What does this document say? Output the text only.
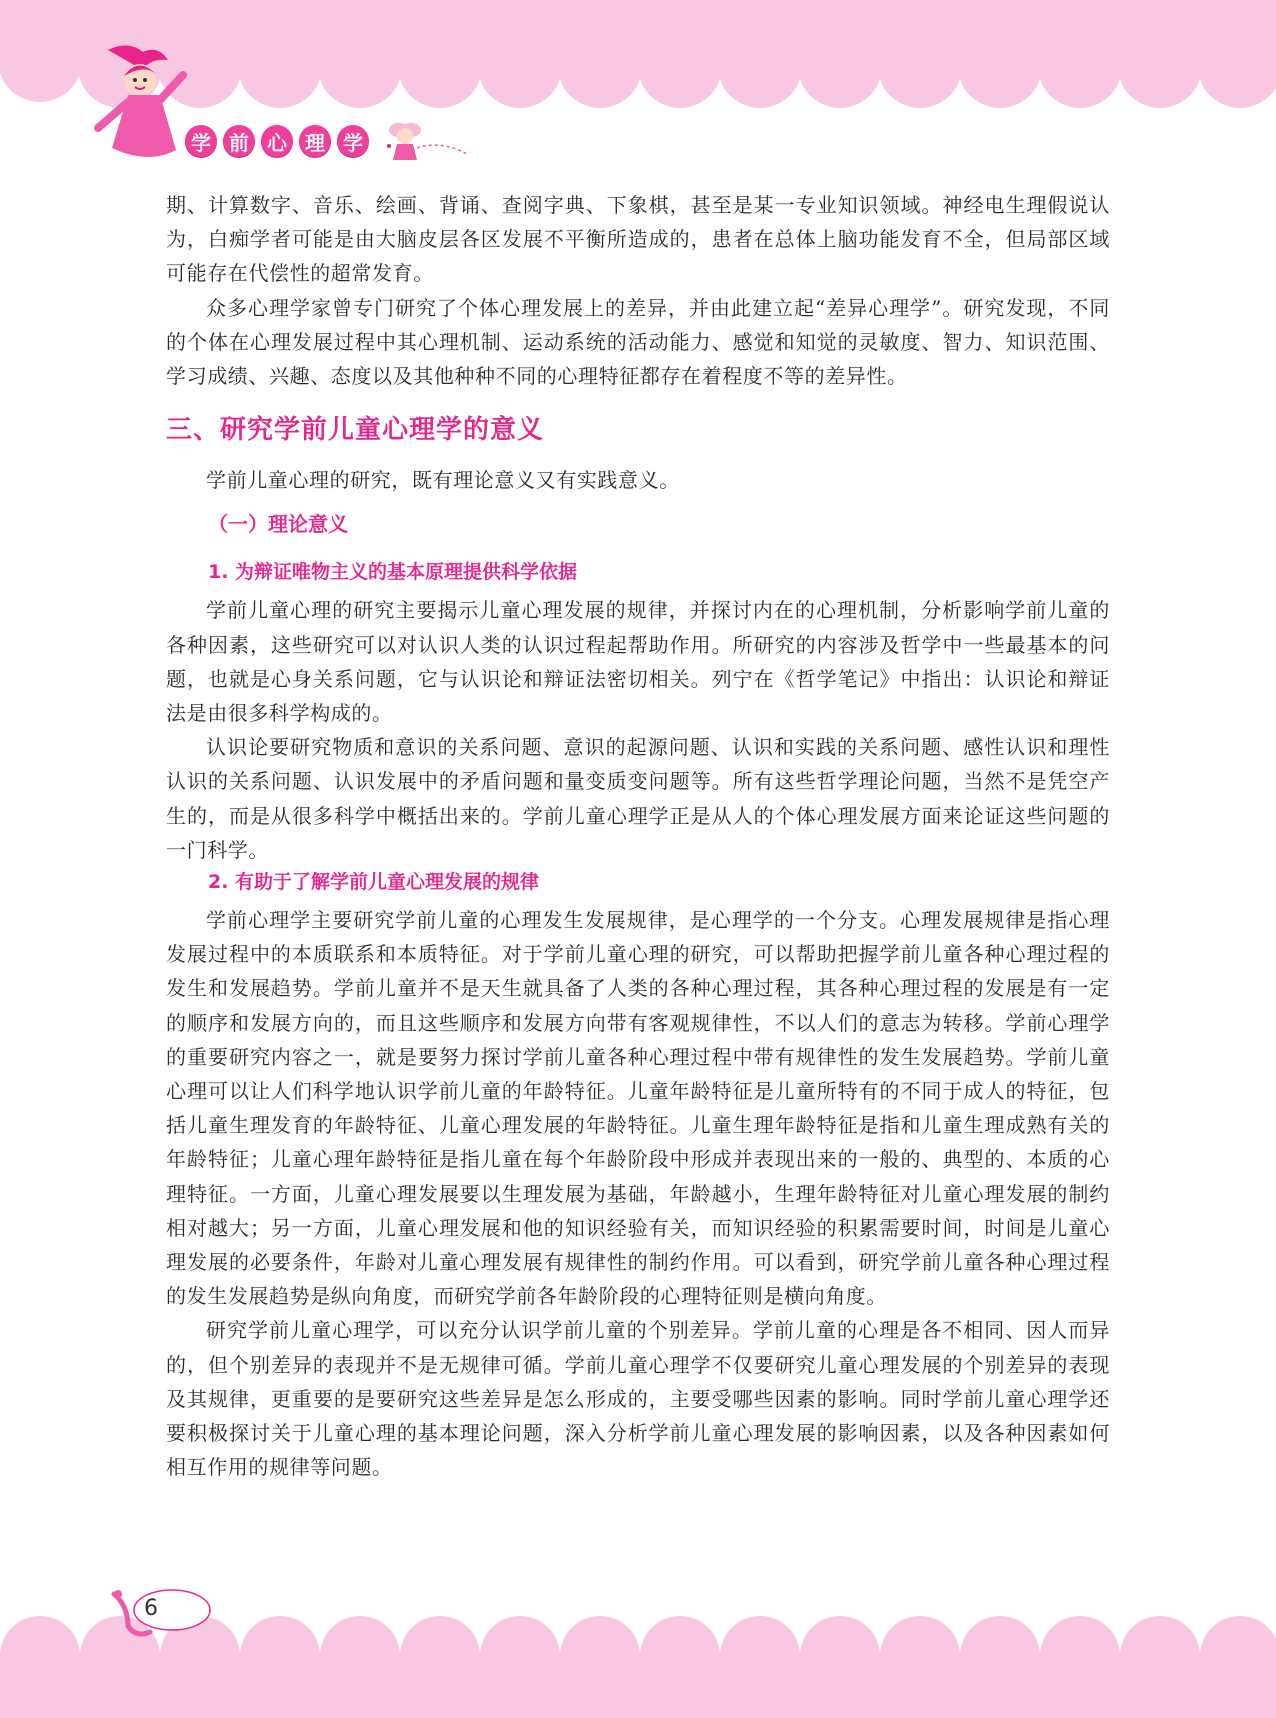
学 前 心 理 学

期、计算数字、音乐、绘画、背诵、查阅字典、下象棋，甚至是某一专业知识领域。神经电生理假说认为，白痴学者可能是由大脑皮层各区发展不平衡所造成的，患者在总体上脑功能发育不全，但局部区域可能存在代偿性的超常发育。

众多心理学家曾专门研究了个体心理发展上的差异，并由此建立起“差异心理学”。研究发现，不同的个体在心理发展过程中其心理机制、运动系统的活动能力、感觉和知觉的灵敏度、智力、知识范围、学习成绩、兴趣、态度以及其他种种不同的心理特征都存在着程度不等的差异性。

三、研究学前儿童心理学的意义

学前儿童心理的研究，既有理论意义又有实践意义。

（一）理论意义
1. 为辩证唯物主义的基本原理提供科学依据

学前儿童心理的研究主要揭示儿童心理发展的规律，并探讨内在的心理机制，分析影响学前儿童的各种因素，这些研究可以对认识人类的认识过程起帮助作用。所研究的内容涉及哲学中一些最基本的问题，也就是心身关系问题，它与认识论和辩证法密切相关。列宁在《哲学笔记》中指出：认识论和辩证法是由很多科学构成的。

认识论要研究物质和意识的关系问题、意识的起源问题、认识和实践的关系问题、感性认识和理性认识的关系问题、认识发展中的矛盾问题和量变质变问题等。所有这些哲学理论问题，当然不是凭空产生的，而是从很多科学中概括出来的。学前儿童心理学正是从人的个体心理发展方面来论证这些问题的一门科学。

2. 有助于了解学前儿童心理发展的规律

学前心理学主要研究学前儿童的心理发生发展规律，是心理学的一个分支。心理发展规律是指心理发展过程中的本质联系和本质特征。对于学前儿童心理的研究，可以帮助把握学前儿童各种心理过程的发生和发展趋势。学前儿童并不是天生就具备了人类的各种心理过程，其各种心理过程的发展是有一定的顺序和发展方向的，而且这些顺序和发展方向带有客观规律性，不以人们的意志为转移。学前心理学的重要研究内容之一，就是要努力探讨学前儿童各种心理过程中带有规律性的发生发展趋势。学前儿童心理可以让人们科学地认识学前儿童的年龄特征。儿童年龄特征是儿童所特有的不同于成人的特征，包括儿童生理发育的年龄特征、儿童心理发展的年龄特征。儿童生理年龄特征是指和儿童生理成熟有关的年龄特征；儿童心理年龄特征是指儿童在每个年龄阶段中形成并表现出来的一般的、典型的、本质的心理特征。一方面，儿童心理发展要以生理发展为基础，年龄越小，生理年龄特征对儿童心理发展的制约相对越大；另一方面，儿童心理发展和他的知识经验有关，而知识经验的积累需要时间，时间是儿童心理发展的必要条件，年龄对儿童心理发展有规律性的制约作用。可以看到，研究学前儿童各种心理过程的发生发展趋势是纵向角度，而研究学前各年龄阶段的心理特征则是横向角度。

研究学前儿童心理学，可以充分认识学前儿童的个别差异。学前儿童的心理是各不相同、因人而异的，但个别差异的表现并不是无规律可循。学前儿童心理学不仅要研究儿童心理发展的个别差异的表现及其规律，更重要的是要研究这些差异是怎么形成的，主要受哪些因素的影响。同时学前儿童心理学还要积极探讨关于儿童心理的基本理论问题，深入分析学前儿童心理发展的影响因素，以及各种因素如何相互作用的规律等问题。

6
